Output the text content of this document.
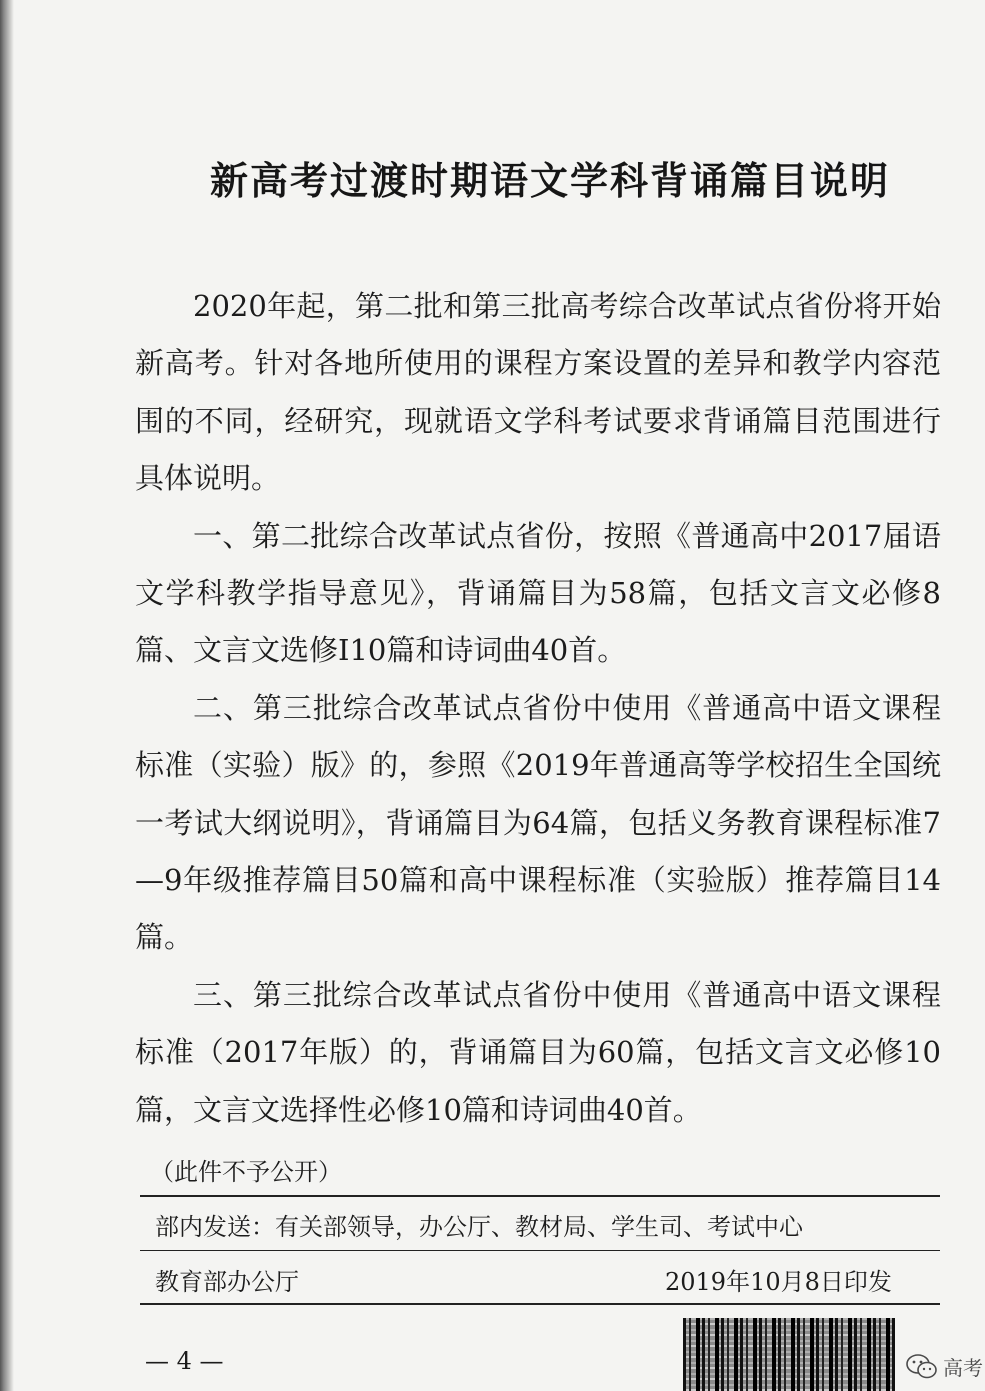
新高考过渡时期语文学科背诵篇目说明

2020年起，第二批和第三批高考综合改革试点省份将开始新高考。针对各地所使用的课程方案设置的差异和教学内容范围的不同，经研究，现就语文学科考试要求背诵篇目范围进行具体说明。

一、第二批综合改革试点省份，按照《普通高中2017届语文学科教学指导意见》，背诵篇目为58篇，包括文言文必修8篇、文言文选修I10篇和诗词曲40首。

二、第三批综合改革试点省份中使用《普通高中语文课程标准（实验）版》的，参照《2019年普通高等学校招生全国统一考试大纲说明》，背诵篇目为64篇，包括义务教育课程标准7—9年级推荐篇目50篇和高中课程标准（实验版）推荐篇目14篇。

三、第三批综合改革试点省份中使用《普通高中语文课程标准（2017年版）的，背诵篇目为60篇，包括文言文必修10篇，文言文选择性必修10篇和诗词曲40首。

（此件不予公开）
部内发送：有关部领导，办公厅、教材局、学生司、考试中心
教育部办公厅	2019年10月8日印发
— 4 —	高考
